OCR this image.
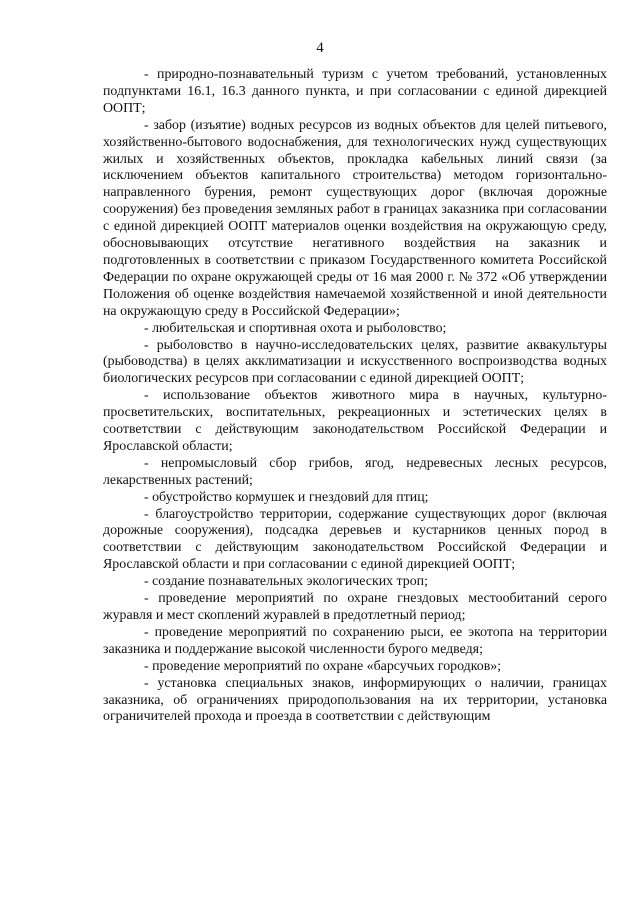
4

- природно-познавательный туризм с учетом требований, установленных подпунктами 16.1, 16.3 данного пункта, и при согласовании с единой дирекцией ООПТ;

- забор (изъятие) водных ресурсов из водных объектов для целей питьевого, хозяйственно-бытового водоснабжения, для технологических нужд существующих жилых и хозяйственных объектов, прокладка кабельных линий связи (за исключением объектов капитального строительства) методом горизонтально-направленного бурения, ремонт существующих дорог (включая дорожные сооружения) без проведения земляных работ в границах заказника при согласовании с единой дирекцией ООПТ материалов оценки воздействия на окружающую среду, обосновывающих отсутствие негативного воздействия на заказник и подготовленных в соответствии с приказом Государственного комитета Российской Федерации по охране окружающей среды от 16 мая 2000 г. № 372 «Об утверждении Положения об оценке воздействия намечаемой хозяйственной и иной деятельности на окружающую среду в Российской Федерации»;

- любительская и спортивная охота и рыболовство;

- рыболовство в научно-исследовательских целях, развитие аквакультуры (рыбоводства) в целях акклиматизации и искусственного воспроизводства водных биологических ресурсов при согласовании с единой дирекцией ООПТ;

- использование объектов животного мира в научных, культурно-просветительских, воспитательных, рекреационных и эстетических целях в соответствии с действующим законодательством Российской Федерации и Ярославской области;

- непромысловый сбор грибов, ягод, недревесных лесных ресурсов, лекарственных растений;

- обустройство кормушек и гнездовий для птиц;

- благоустройство территории, содержание существующих дорог (включая дорожные сооружения), подсадка деревьев и кустарников ценных пород в соответствии с действующим законодательством Российской Федерации и Ярославской области и при согласовании с единой дирекцией ООПТ;

- создание познавательных экологических троп;

- проведение мероприятий по охране гнездовых местообитаний серого журавля и мест скоплений журавлей в предотлетный период;

- проведение мероприятий по сохранению рыси, ее экотопа на территории заказника и поддержание высокой численности бурого медведя;

- проведение мероприятий по охране «барсучьих городков»;

- установка специальных знаков, информирующих о наличии, границах заказника, об ограничениях природопользования на их территории, установка ограничителей прохода и проезда в соответствии с действующим
